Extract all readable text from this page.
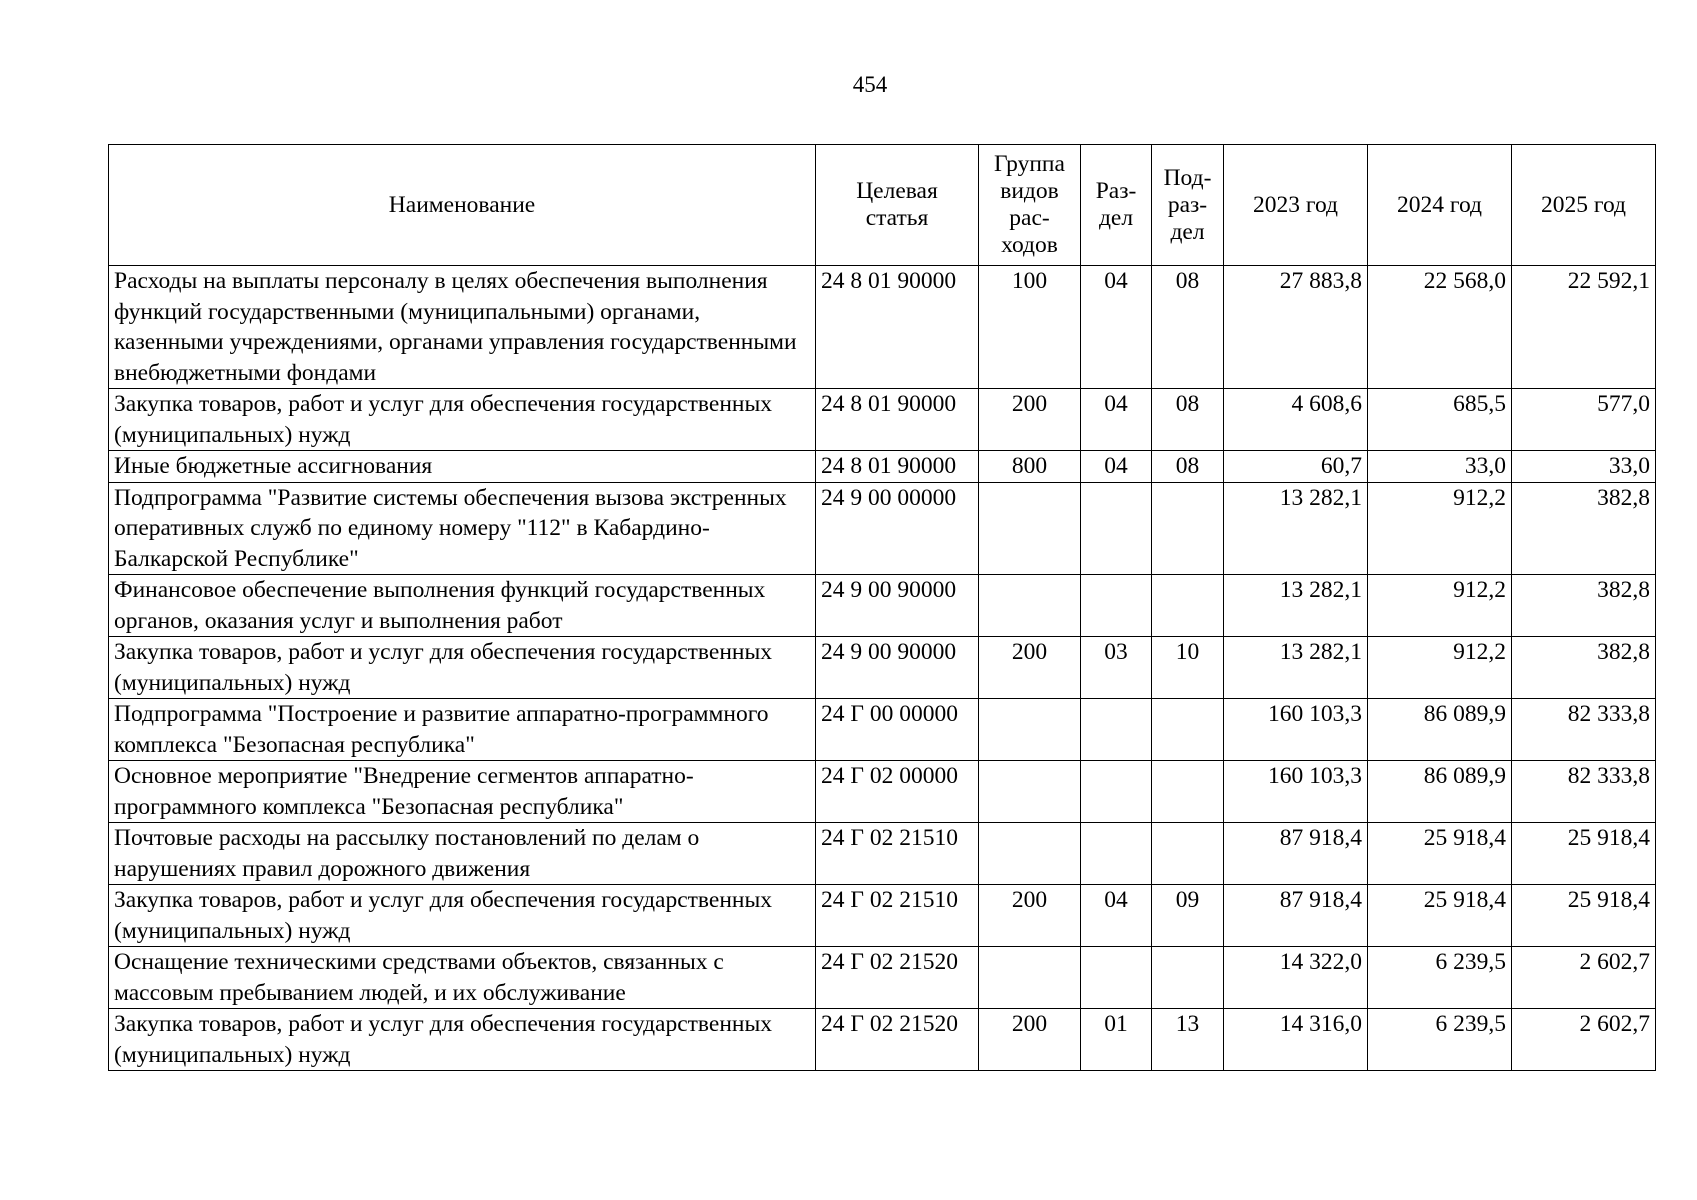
454
Наименование	Целевая статья	Группа видов рас-ходов	Раз-дел	Под-раз-дел	2023 год	2024 год	2025 год
Расходы на выплаты персоналу в целях обеспечения выполнения функций государственными (муниципальными) органами, казенными учреждениями, органами управления государственными внебюджетными фондами	24 8 01 90000	100	04	08	27 883,8	22 568,0	22 592,1
Закупка товаров, работ и услуг для обеспечения государственных (муниципальных) нужд	24 8 01 90000	200	04	08	4 608,6	685,5	577,0
Иные бюджетные ассигнования	24 8 01 90000	800	04	08	60,7	33,0	33,0
Подпрограмма "Развитие системы обеспечения вызова экстренных оперативных служб по единому номеру "112" в Кабардино-Балкарской Республике"	24 9 00 00000				13 282,1	912,2	382,8
Финансовое обеспечение выполнения функций государственных органов, оказания услуг и выполнения работ	24 9 00 90000				13 282,1	912,2	382,8
Закупка товаров, работ и услуг для обеспечения государственных (муниципальных) нужд	24 9 00 90000	200	03	10	13 282,1	912,2	382,8
Подпрограмма "Построение и развитие аппаратно-программного комплекса "Безопасная республика"	24 Г 00 00000				160 103,3	86 089,9	82 333,8
Основное мероприятие "Внедрение сегментов аппаратно-программного комплекса "Безопасная республика"	24 Г 02 00000				160 103,3	86 089,9	82 333,8
Почтовые расходы на рассылку постановлений по делам о нарушениях правил дорожного движения	24 Г 02 21510				87 918,4	25 918,4	25 918,4
Закупка товаров, работ и услуг для обеспечения государственных (муниципальных) нужд	24 Г 02 21510	200	04	09	87 918,4	25 918,4	25 918,4
Оснащение техническими средствами объектов, связанных с массовым пребыванием людей, и их обслуживание	24 Г 02 21520				14 322,0	6 239,5	2 602,7
Закупка товаров, работ и услуг для обеспечения государственных (муниципальных) нужд	24 Г 02 21520	200	01	13	14 316,0	6 239,5	2 602,7
